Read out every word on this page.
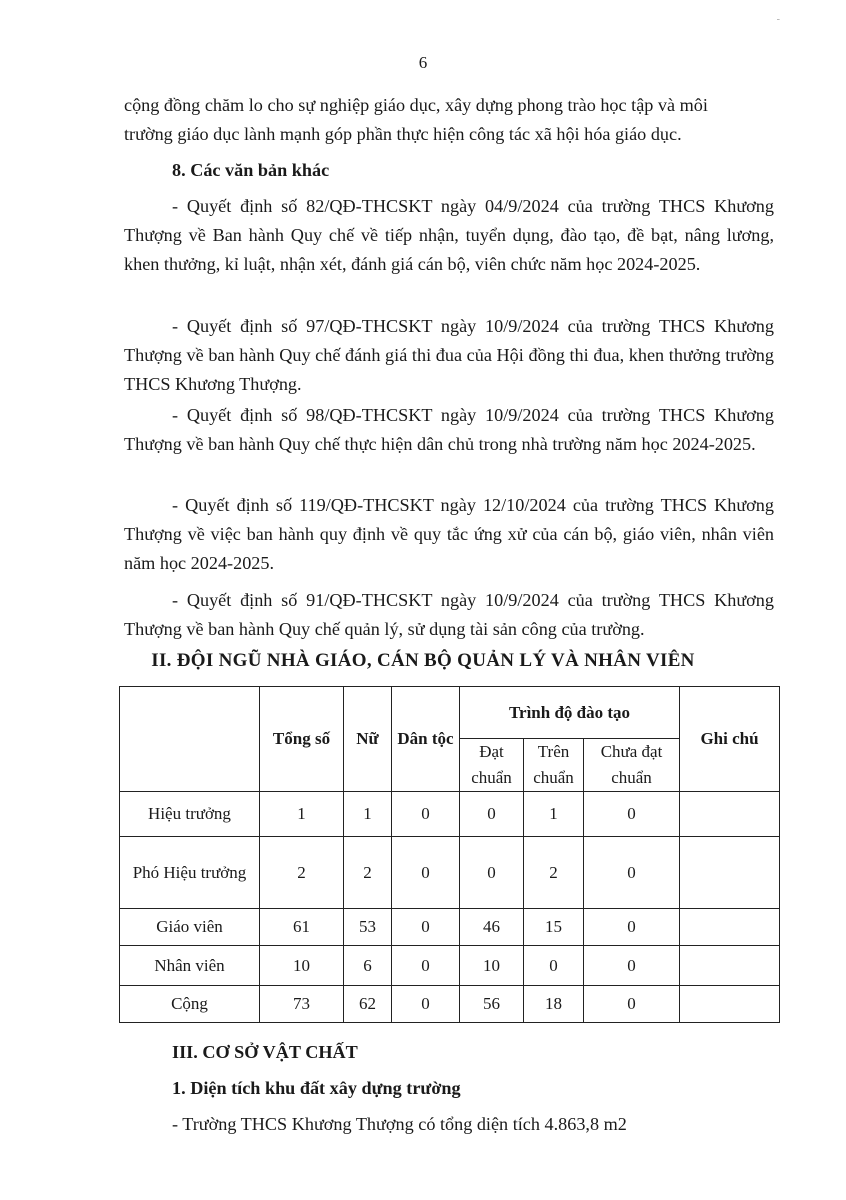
-
6
cộng đồng chăm lo cho sự nghiệp giáo dục, xây dựng phong trào học tập và môi
trường giáo dục lành mạnh góp phần thực hiện công tác xã hội hóa giáo dục.
8. Các văn bản khác
- Quyết định số 82/QĐ-THCSKT ngày 04/9/2024 của trường THCS Khương Thượng về Ban hành Quy chế về tiếp nhận, tuyển dụng, đào tạo, đề bạt, nâng lương, khen thưởng, kỉ luật, nhận xét, đánh giá cán bộ, viên chức năm học 2024-2025.
- Quyết định số 97/QĐ-THCSKT ngày 10/9/2024 của trường THCS Khương Thượng về ban hành Quy chế đánh giá thi đua của Hội đồng thi đua, khen thưởng trường THCS Khương Thượng.
- Quyết định số 98/QĐ-THCSKT ngày 10/9/2024 của trường THCS Khương Thượng về ban hành Quy chế thực hiện dân chủ trong nhà trường năm học 2024-2025.
- Quyết định số 119/QĐ-THCSKT ngày 12/10/2024 của trường THCS Khương Thượng về việc ban hành quy định về quy tắc ứng xử của cán bộ, giáo viên, nhân viên năm học 2024-2025.
- Quyết định số 91/QĐ-THCSKT ngày 10/9/2024 của trường THCS Khương Thượng về ban hành Quy chế quản lý, sử dụng tài sản công của trường.
II. ĐỘI NGŨ NHÀ GIÁO, CÁN BỘ QUẢN LÝ VÀ NHÂN VIÊN
	Tổng số	Nữ	Dân tộc	Trình độ đào tạo			Ghi chú
				Đạt chuẩn	Trên chuẩn	Chưa đạt chuẩn	
Hiệu trưởng	1	1	0	0	1	0	
Phó Hiệu trưởng	2	2	0	0	2	0	
Giáo viên	61	53	0	46	15	0	
Nhân viên	10	6	0	10	0	0	
Cộng	73	62	0	56	18	0	
III. CƠ SỞ VẬT CHẤT
1. Diện tích khu đất xây dựng trường
- Trường THCS Khương Thượng có tổng diện tích 4.863,8 m2
